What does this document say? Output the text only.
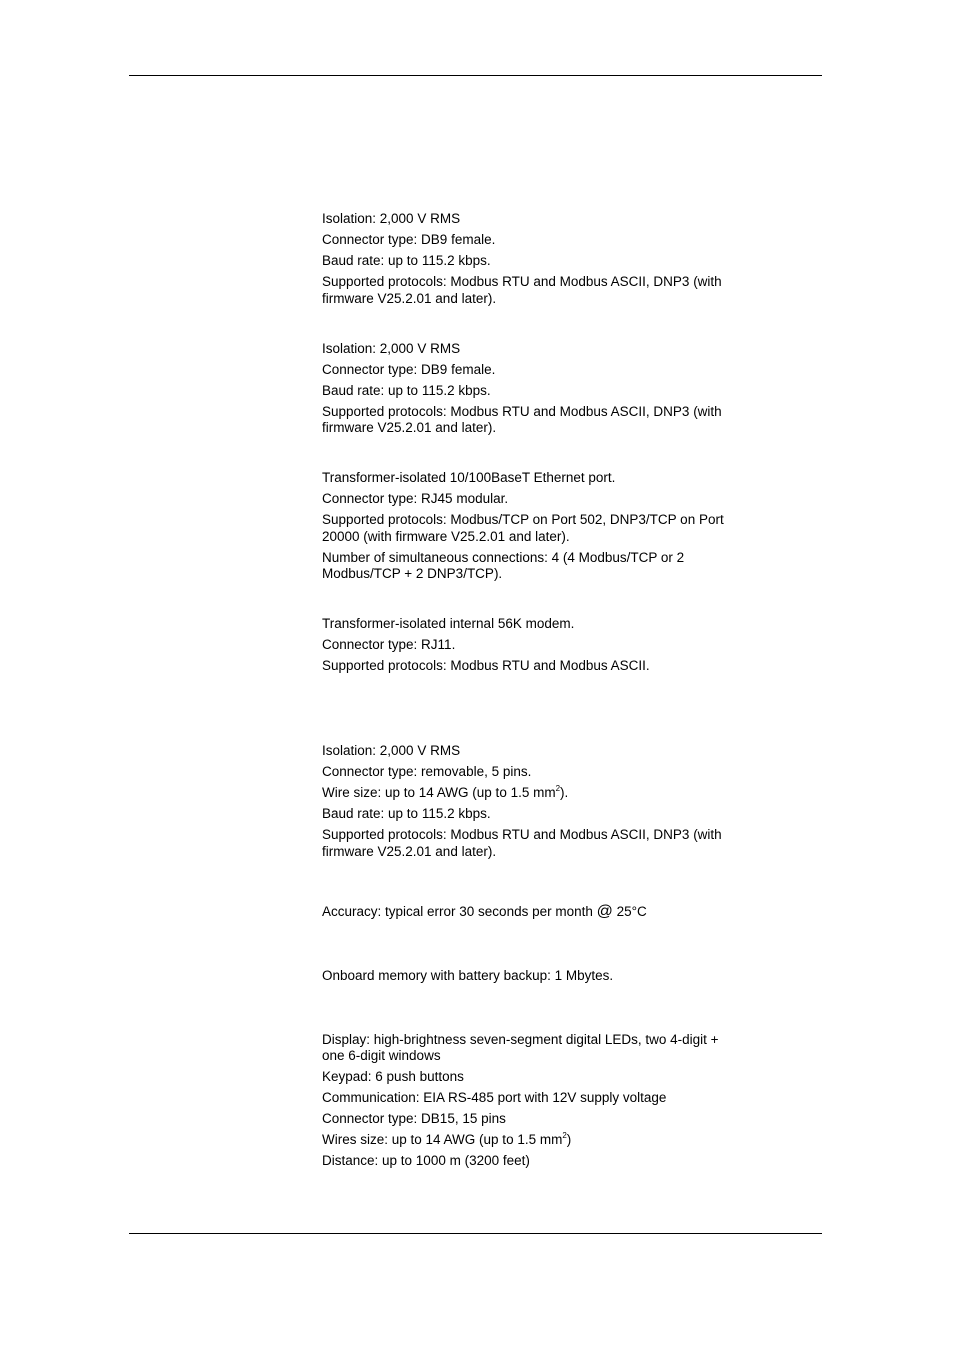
Isolation: 2,000 V RMS

Connector type: DB9 female.

Baud rate: up to 115.2 kbps.

Supported protocols: Modbus RTU and Modbus ASCII, DNP3 (with firmware V25.2.01 and later).

Isolation: 2,000 V RMS

Connector type: DB9 female.

Baud rate: up to 115.2 kbps.

Supported protocols: Modbus RTU and Modbus ASCII, DNP3 (with firmware V25.2.01 and later).

Transformer-isolated 10/100BaseT Ethernet port.

Connector type: RJ45 modular.

Supported protocols: Modbus/TCP on Port 502, DNP3/TCP on Port 20000 (with firmware V25.2.01 and later).

Number of simultaneous connections: 4 (4 Modbus/TCP or 2 Modbus/TCP + 2 DNP3/TCP).

Transformer-isolated internal 56K modem.

Connector type: RJ11.

Supported protocols: Modbus RTU and Modbus ASCII.

Isolation: 2,000 V RMS

Connector type: removable, 5 pins.

Wire size: up to 14 AWG (up to 1.5 $mm^2$).

Baud rate: up to 115.2 kbps.

Supported protocols: Modbus RTU and Modbus ASCII, DNP3 (with firmware V25.2.01 and later).

Accuracy: typical error 30 seconds per month @ 25°C

Onboard memory with battery backup: 1 Mbytes.

Display: high-brightness seven-segment digital LEDs, two 4-digit + one 6-digit windows

Keypad: 6 push buttons

Communication: EIA RS-485 port with 12V supply voltage

Connector type: DB15, 15 pins

Wires size: up to 14 AWG (up to 1.5 $mm^2$)

Distance: up to 1000 m (3200 feet)
